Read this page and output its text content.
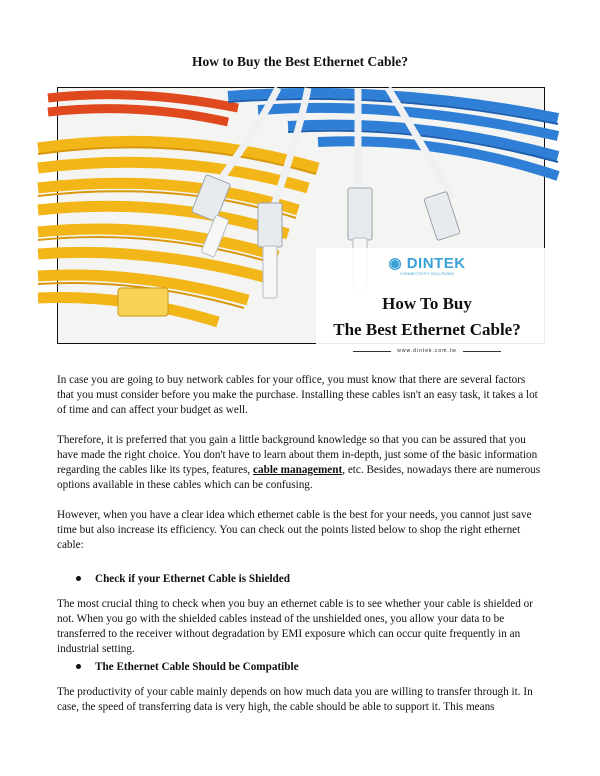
How to Buy the Best Ethernet Cable?
◉ DINTEK
CONNECTIVITY SOLUTIONS
How To Buy
The Best Ethernet Cable?
www.dintek.com.tw

In case you are going to buy network cables for your office, you must know that there are several factors that you must consider before you make the purchase. Installing these cables isn't an easy task, it takes a lot of time and can affect your budget as well.

Therefore, it is preferred that you gain a little background knowledge so that you can be assured that you have made the right choice. You don't have to learn about them in-depth, just some of the basic information regarding the cables like its types, features, cable management, etc. Besides, nowadays there are numerous options available in these cables which can be confusing.

However, when you have a clear idea which ethernet cable is the best for your needs, you cannot just save time but also increase its efficiency. You can check out the points listed below to shop the right ethernet cable:

Check if your Ethernet Cable is Shielded

The most crucial thing to check when you buy an ethernet cable is to see whether your cable is shielded or not. When you go with the shielded cables instead of the unshielded ones, you allow your data to be transferred to the receiver without degradation by EMI exposure which can occur quite frequently in an industrial setting.

The Ethernet Cable Should be Compatible

The productivity of your cable mainly depends on how much data you are willing to transfer through it. In case, the speed of transferring data is very high, the cable should be able to support it. This means
